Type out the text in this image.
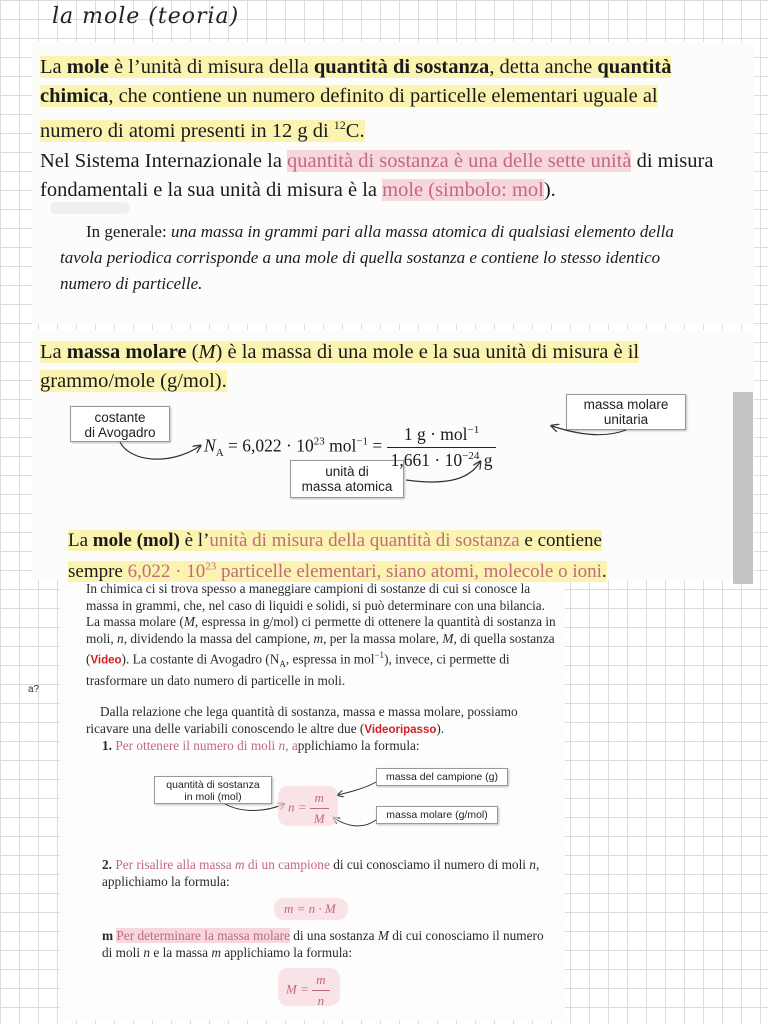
la mole (teoria)
La mole è l’unità di misura della quantità di sostanza, detta anche quantità chimica, che contiene un numero definito di particelle elementari uguale al numero di atomi presenti in 12 g di $^{12}$C.
Nel Sistema Internazionale la quantità di sostanza è una delle sette unità di misura fondamentali e la sua unità di misura è la mole (simbolo: mol).
In generale: una massa in grammi pari alla massa atomica di qualsiasi elemento della tavola periodica corrisponde a una mole di quella sostanza e contiene lo stesso identico numero di particelle.
La massa molare (M) è la massa di una mole e la sua unità di misura è il grammo/mole (g/mol).
costante
di Avogadro
massa molare
unitaria
unità di
massa atomica
$N_A = 6,022 \cdot 10^{23}$ $mol^{-1} = \frac{1 g \cdot mol^{-1}}{1,661 \cdot 10^{-24} g}$
La mole (mol) è l’unità di misura della quantità di sostanza e contiene sempre $6,022 \cdot 10^{23}$ particelle elementari, siano atomi, molecole o ioni.
In chimica ci si trova spesso a maneggiare campioni di sostanze di cui si conosce la massa in grammi, che, nel caso di liquidi e solidi, si può determinare con una bilancia. La massa molare (M, espressa in g/mol) ci permette di ottenere la quantità di sostanza in moli, n, dividendo la massa del campione, m, per la massa molare, M, di quella sostanza (Video). La costante di Avogadro ($N_A$, espressa in mol$^{-1}$), invece, ci permette di trasformare un dato numero di particelle in moli.
a?
Dalla relazione che lega quantità di sostanza, massa e massa molare, possiamo ricavare una delle variabili conoscendo le altre due (Videoripasso).
1. Per ottenere il numero di moli n, applichiamo la formula:
quantità di sostanza
in moli (mol)
massa del campione (g)
massa molare (g/mol)
$n = \frac{m}{M}$
2. Per risalire alla massa m di un campione di cui conosciamo il numero di moli n, applichiamo la formula:
m = n · M
m Per determinare la massa molare di una sostanza M di cui conosciamo il numero di moli n e la massa m applichiamo la formula:
$M = \frac{m}{n}$
